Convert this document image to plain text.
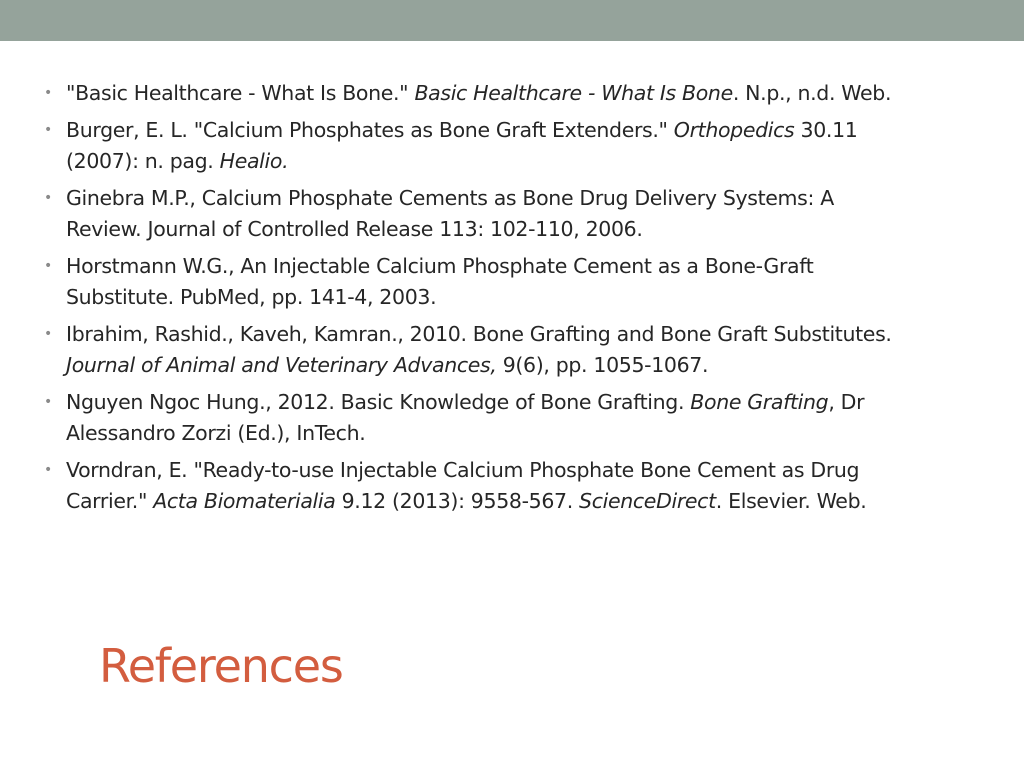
• "Basic Healthcare - What Is Bone." Basic Healthcare - What Is Bone. N.p., n.d. Web.
• Burger, E. L. "Calcium Phosphates as Bone Graft Extenders." Orthopedics 30.11 (2007): n. pag. Healio.
• Ginebra M.P., Calcium Phosphate Cements as Bone Drug Delivery Systems: A Review. Journal of Controlled Release 113: 102-110, 2006.
• Horstmann W.G., An Injectable Calcium Phosphate Cement as a Bone-Graft Substitute. PubMed, pp. 141-4, 2003.
• Ibrahim, Rashid., Kaveh, Kamran., 2010. Bone Grafting and Bone Graft Substitutes. Journal of Animal and Veterinary Advances, 9(6), pp. 1055-1067.
• Nguyen Ngoc Hung., 2012. Basic Knowledge of Bone Grafting. Bone Grafting, Dr Alessandro Zorzi (Ed.), InTech.
• Vorndran, E. "Ready-to-use Injectable Calcium Phosphate Bone Cement as Drug Carrier." Acta Biomaterialia 9.12 (2013): 9558-567. ScienceDirect. Elsevier. Web.
References
